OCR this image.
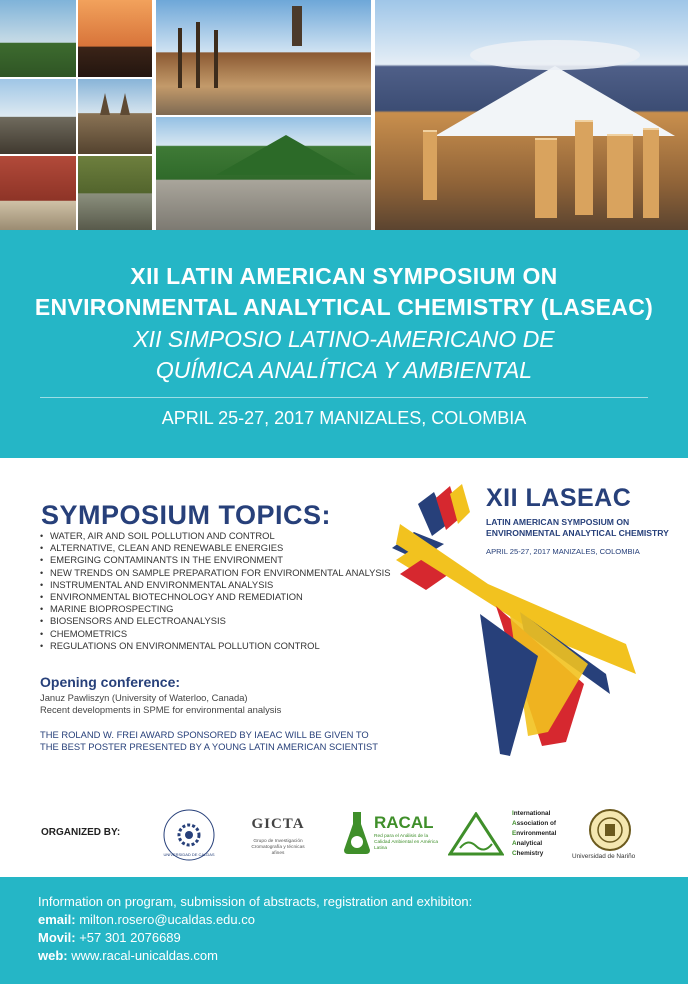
XII LATIN AMERICAN SYMPOSIUM ON
ENVIRONMENTAL ANALYTICAL CHEMISTRY (LASEAC)
XII SIMPOSIO LATINO-AMERICANO DE
QUÍMICA ANALÍTICA Y AMBIENTAL
APRIL 25-27, 2017 MANIZALES, COLOMBIA
SYMPOSIUM TOPICS:
• WATER, AIR AND SOIL POLLUTION AND CONTROL
• ALTERNATIVE, CLEAN AND RENEWABLE ENERGIES
• EMERGING CONTAMINANTS IN THE ENVIRONMENT
• NEW TRENDS ON SAMPLE PREPARATION FOR ENVIRONMENTAL ANALYSIS
• INSTRUMENTAL AND ENVIRONMENTAL ANALYSIS
• ENVIRONMENTAL BIOTECHNOLOGY AND REMEDIATION
• MARINE BIOPROSPECTING
• BIOSENSORS AND ELECTROANALYSIS
• CHEMOMETRICS
• REGULATIONS ON ENVIRONMENTAL POLLUTION CONTROL
Opening conference:
Januz Pawliszyn (University of Waterloo, Canada)
Recent developments in SPME for environmental analysis
THE ROLAND W. FREI AWARD SPONSORED BY IAEAC WILL BE GIVEN TO
THE BEST POSTER PRESENTED BY A YOUNG LATIN AMERICAN SCIENTIST
XII LASEAC
LATIN AMERICAN SYMPOSIUM ON
ENVIRONMENTAL ANALYTICAL CHEMISTRY
APRIL 25-27, 2017 MANIZALES, COLOMBIA
ORGANIZED BY:
UNIVERSIDAD DE CALDAS
GICTA
Grupo de Investigación Cromatografía y técnicas afines
RACAL
Red para el Análisis de la Calidad Ambiental en América Latina
International
Association of
Environmental
Analytical
Chemistry	Universidad de Nariño
Information on program, submission of abstracts, registration and exhibiton:
email: milton.rosero@ucaldas.edu.co
Movil: +57 301 2076689
web: www.racal-unicaldas.com
